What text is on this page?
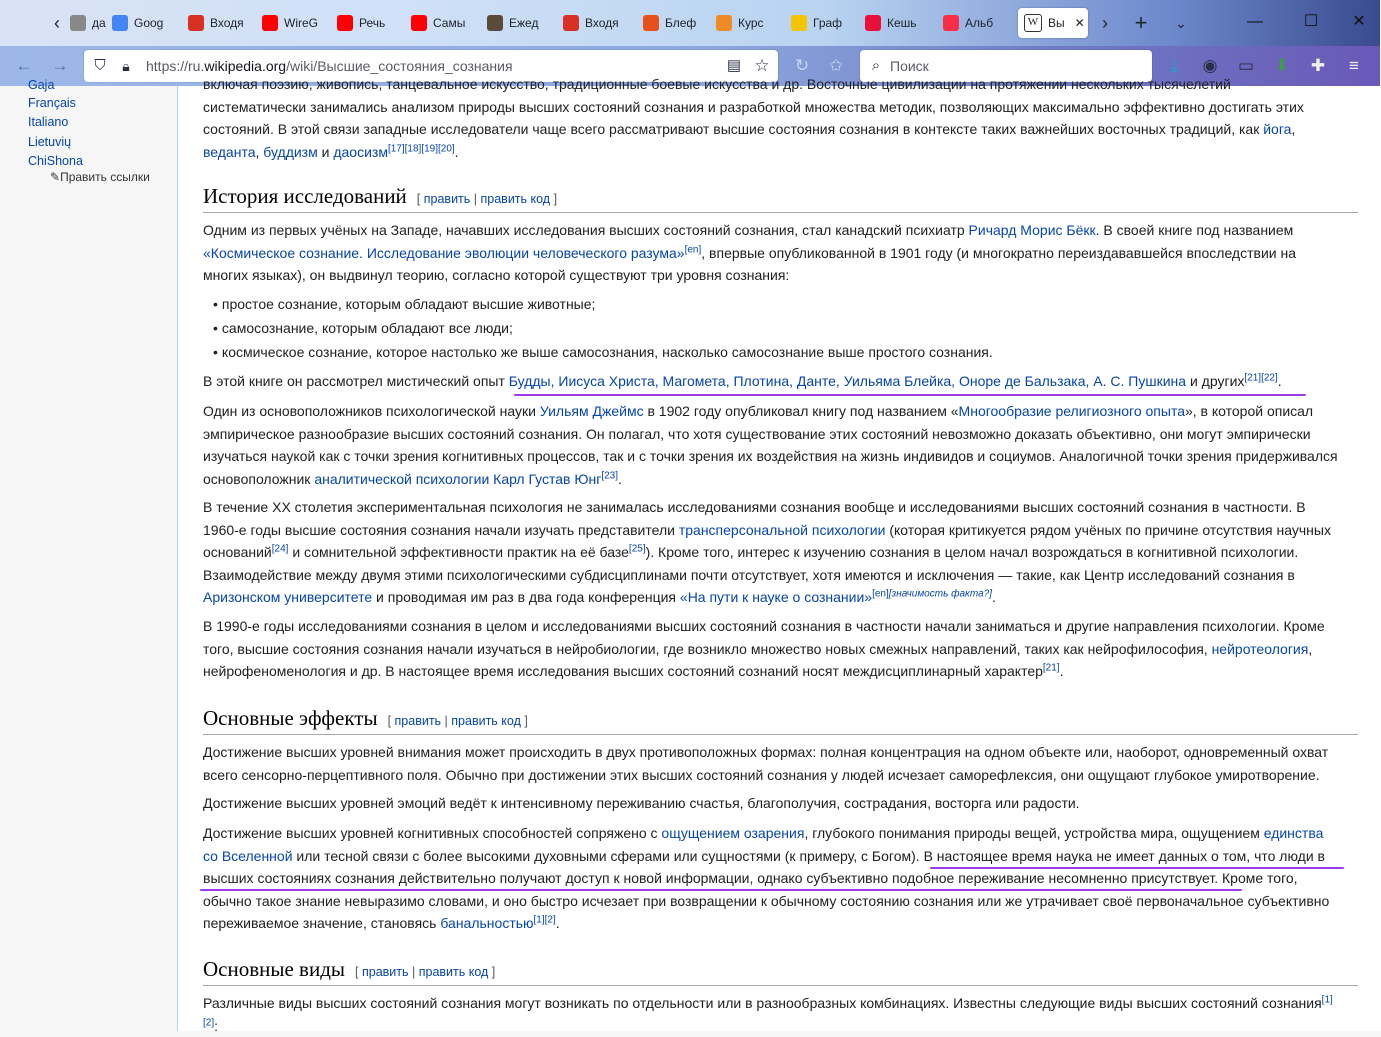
‹	да Goog	Входя	WireG	Речь	Самы	Ежед	Входя	Блеф	Курс	Граф	Кешь	Альб	W Вы ✕ ›	+	⌄	—	☐	✕
← → ⛉	🔒︎	https://ru.wikipedia.org/wiki/Высшие_состояния_сознания	▤ ☆ ↻ ✩	⌕ Поиск	⤓	◉ ▭ ⬇ ✚ ≡
Gaja
Français
Italiano
Lietuvių
ChiShona
✎Править ссылки
включая поэзию, живопись, танцевальное искусство, традиционные боевые искусства и др. Восточные цивилизации на протяжении нескольких тысячелетий
систематически занимались анализом природы высших состояний сознания и разработкой множества методик, позволяющих максимально эффективно достигать этих
состояний. В этой связи западные исследователи чаще всего рассматривают высшие состояния сознания в контексте таких важнейших восточных традиций, как йога,
веданта, буддизм и даосизм[17][18][19][20].
История исследований [ править | править код ]
Одним из первых учёных на Западе, начавших исследования высших состояний сознания, стал канадский психиатр Ричард Морис Бёкк. В своей книге под названием
«Космическое сознание. Исследование эволюции человеческого разума»[en], впервые опубликованной в 1901 году (и многократно переиздававшейся впоследствии на
многих языках), он выдвинул теорию, согласно которой существуют три уровня сознания:
• простое сознание, которым обладают высшие животные;
• самосознание, которым обладают все люди;
• космическое сознание, которое настолько же выше самосознания, насколько самосознание выше простого сознания.
В этой книге он рассмотрел мистический опыт Будды, Иисуса Христа, Магомета, Плотина, Данте, Уильяма Блейка, Оноре де Бальзака, А. С. Пушкина и других[21][22].
Один из основоположников психологической науки Уильям Джеймс в 1902 году опубликовал книгу под названием «Многообразие религиозного опыта», в которой описал
эмпирическое разнообразие высших состояний сознания. Он полагал, что хотя существование этих состояний невозможно доказать объективно, они могут эмпирически
изучаться наукой как с точки зрения когнитивных процессов, так и с точки зрения их воздействия на жизнь индивидов и социумов. Аналогичной точки зрения придерживался
основоположник аналитической психологии Карл Густав Юнг[23].
В течение XX столетия экспериментальная психология не занималась исследованиями сознания вообще и исследованиями высших состояний сознания в частности. В
1960-е годы высшие состояния сознания начали изучать представители трансперсональной психологии (которая критикуется рядом учёных по причине отсутствия научных
оснований[24] и сомнительной эффективности практик на её базе[25]). Кроме того, интерес к изучению сознания в целом начал возрождаться в когнитивной психологии.
Взаимодействие между двумя этими психологическими субдисциплинами почти отсутствует, хотя имеются и исключения — такие, как Центр исследований сознания в
Аризонском университете и проводимая им раз в два года конференция «На пути к науке о сознании»[en][значимость факта?].
В 1990-е годы исследованиями сознания в целом и исследованиями высших состояний сознания в частности начали заниматься и другие направления психологии. Кроме
того, высшие состояния сознания начали изучаться в нейробиологии, где возникло множество новых смежных направлений, таких как нейрофилософия, нейротеология,
нейрофеноменология и др. В настоящее время исследования высших состояний сознаний носят междисциплинарный характер[21].
Основные эффекты [ править | править код ]
Достижение высших уровней внимания может происходить в двух противоположных формах: полная концентрация на одном объекте или, наоборот, одновременный охват
всего сенсорно-перцептивного поля. Обычно при достижении этих высших состояний сознания у людей исчезает саморефлексия, они ощущают глубокое умиротворение.
Достижение высших уровней эмоций ведёт к интенсивному переживанию счастья, благополучия, сострадания, восторга или радости.
Достижение высших уровней когнитивных способностей сопряжено с ощущением озарения, глубокого понимания природы вещей, устройства мира, ощущением единства
со Вселенной или тесной связи с более высокими духовными сферами или сущностями (к примеру, с Богом). В настоящее время наука не имеет данных о том, что люди в
высших состояниях сознания действительно получают доступ к новой информации, однако субъективно подобное переживание несомненно присутствует. Кроме того,
обычно такое знание невыразимо словами, и оно быстро исчезает при возвращении к обычному состоянию сознания или же утрачивает своё первоначальное субъективно
переживаемое значение, становясь банальностью[1][2].
Основные виды [ править | править код ]
Различные виды высших состояний сознания могут возникать по отдельности или в разнообразных комбинациях. Известны следующие виды высших состояний сознания[1]
[2]:
